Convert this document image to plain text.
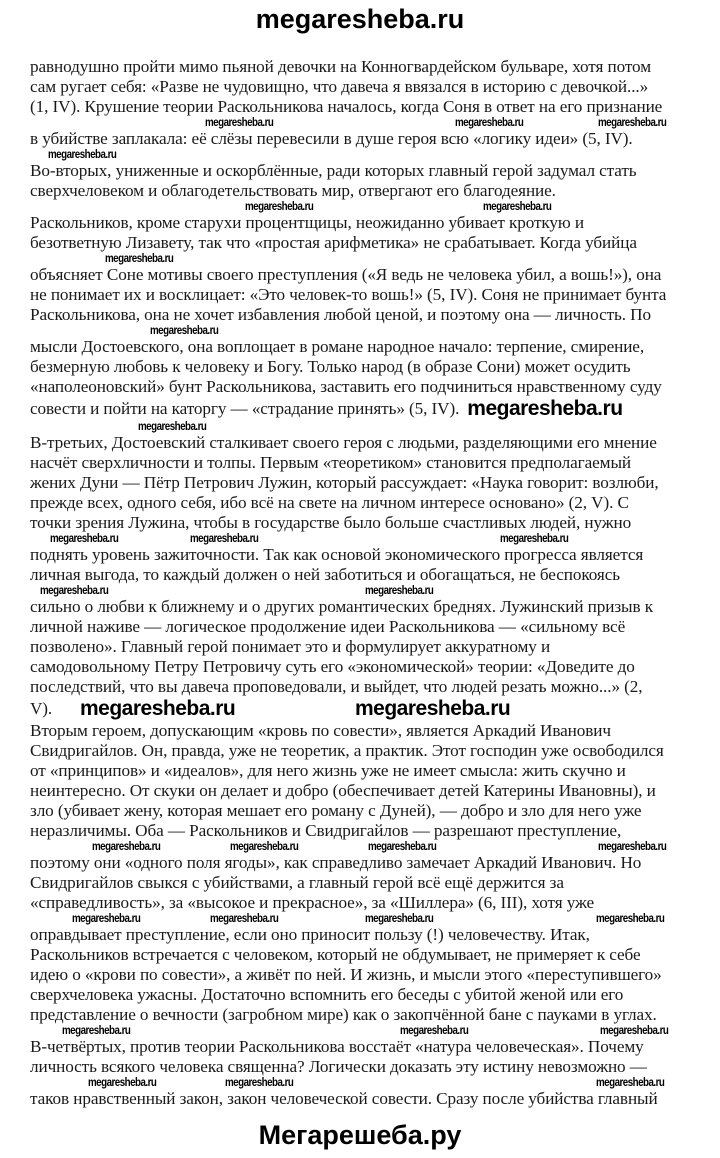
megaresheba.ru
равнодушно пройти мимо пьяной девочки на Конногвардейском бульваре, хотя потом
сам ругает себя: «Разве не чудовищно, что давеча я ввязался в историю с девочкой...»
(1, IV). Крушение теории Раскольникова началось, когда Соня в ответ на его признание
megaresheba.ru	megaresheba.ru	megaresheba.ru
в убийстве заплакала: её слёзы перевесили в душе героя всю «логику идеи» (5, IV).
megaresheba.ru
Во-вторых, униженные и оскорблённые, ради которых главный герой задумал стать
сверхчеловеком и облагодетельствовать мир, отвергают его благодеяние.
megaresheba.ru	megaresheba.ru
Раскольников, кроме старухи процентщицы, неожиданно убивает кроткую и
безответную Лизавету, так что «простая арифметика» не срабатывает. Когда убийца
megaresheba.ru
объясняет Соне мотивы своего преступления («Я ведь не человека убил, а вошь!»), она
не понимает их и восклицает: «Это человек-то вошь!» (5, IV). Соня не принимает бунта
Раскольникова, она не хочет избавления любой ценой, и поэтому она — личность. По
megaresheba.ru
мысли Достоевского, она воплощает в романе народное начало: терпение, смирение,
безмерную любовь к человеку и Богу. Только народ (в образе Сони) может осудить
«наполеоновский» бунт Раскольникова, заставить его подчиниться нравственному суду
совести и пойти на каторгу — «страдание принять» (5, IV). megaresheba.ru
megaresheba.ru
В-третьих, Достоевский сталкивает своего героя с людьми, разделяющими его мнение
насчёт сверхличности и толпы. Первым «теоретиком» становится предполагаемый
жених Дуни — Пётр Петрович Лужин, который рассуждает: «Наука говорит: возлюби,
прежде всех, одного себя, ибо всё на свете на личном интересе основано» (2, V). С
точки зрения Лужина, чтобы в государстве было больше счастливых людей, нужно
megaresheba.ru	megaresheba.ru	megaresheba.ru
поднять уровень зажиточности. Так как основой экономического прогресса является
личная выгода, то каждый должен о ней заботиться и обогащаться, не беспокоясь
megaresheba.ru	megaresheba.ru
сильно о любви к ближнему и о других романтических бреднях. Лужинский призыв к
личной наживе — логическое продолжение идеи Раскольникова — «сильному всё
позволено». Главный герой понимает это и формулирует аккуратному и
самодовольному Петру Петровичу суть его «экономической» теории: «Доведите до
последствий, что вы давеча проповедовали, и выйдет, что людей резать можно...» (2,
V). megaresheba.ru	megaresheba.ru
Вторым героем, допускающим «кровь по совести», является Аркадий Иванович
Свидригайлов. Он, правда, уже не теоретик, а практик. Этот господин уже освободился
от «принципов» и «идеалов», для него жизнь уже не имеет смысла: жить скучно и
неинтересно. От скуки он делает и добро (обеспечивает детей Катерины Ивановны), и
зло (убивает жену, которая мешает его роману с Дуней), — добро и зло для него уже
неразличимы. Оба — Раскольников и Свидригайлов — разрешают преступление,
megaresheba.ru	megaresheba.ru	megaresheba.ru	megaresheba.ru
поэтому они «одного поля ягоды», как справедливо замечает Аркадий Иванович. Но
Свидригайлов свыкся с убийствами, а главный герой всё ещё держится за
«справедливость», за «высокое и прекрасное», за «Шиллера» (6, III), хотя уже
megaresheba.ru	megaresheba.ru	megaresheba.ru	megaresheba.ru
оправдывает преступление, если оно приносит пользу (!) человечеству. Итак,
Раскольников встречается с человеком, который не обдумывает, не примеряет к себе
идею о «крови по совести», а живёт по ней. И жизнь, и мысли этого «переступившего»
сверхчеловека ужасны. Достаточно вспомнить его беседы с убитой женой или его
представление о вечности (загробном мире) как о закопчённой бане с пауками в углах.
megaresheba.ru	megaresheba.ru	megaresheba.ru
В-четвёртых, против теории Раскольникова восстаёт «натура человеческая». Почему
личность всякого человека священна? Логически доказать эту истину невозможно —
megaresheba.ru	megaresheba.ru	megaresheba.ru
таков нравственный закон, закон человеческой совести. Сразу после убийства главный
Мегарешеба.ру
